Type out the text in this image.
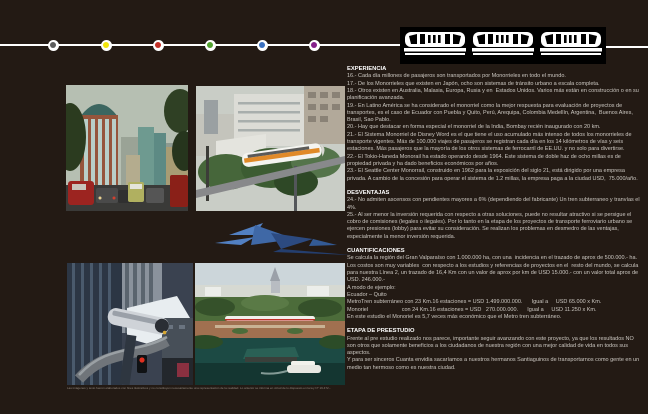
Las imágenes y texto fueron elaborados con fines ilustrativos y no constituyen necesariamente una representación de la realidad. Lo anterior se informa en virtud de lo dispuesto en la ley N° 19.472.-

EXPERIENCIA

16.- Cada día millones de pasajeros son transportados por Monorrieles en todo el mundo.

17.- De los Monorrieles que existen en Japón, ocho son sistemas de tránsito urbano a escala completa.

18.- Otros existen en Australia, Malasia, Europa, Rusia y en  Estados Unidos. Varios más están en construcción o en su planificación avanzada.

19.- En Latino América se ha considerado el monorriel como la mejor respuesta para evaluación de proyectos de transportes, es el caso de Ecuador con Puebla y Quito, Perú, Arequipa, Colombia Medellín, Argentina,  Buenos Aires, Brasil, Sao Pablo.

20.- Hay que destacar en forma especial el monorriel de la India, Bombay recién inaugurado con 20 km.

21.- El Sistema Monorriel de Disney Word es el que tiene el uso acumulado más intenso de todos los monorrieles de transporte vigentes. Más de 100.000 viajes de pasajeros se registran cada día en los 14 kilómetros de vías y seis estaciones. Más pasajeros que la mayoría de los otros sistemas de ferrocarril de EE.UU. y no solo para divertirse.

22.- El Tokio-Haneda Monorail ha estado operando desde 1964. Este sistema de doble haz de ocho millas es de propiedad privada y ha dado beneficios económicos por años.

23.- El Seattle Center Monorrail, construido en 1962 para la exposición del siglo 21, está dirigido por una empresa privada. A cambio de la concesión para operar el sistema de 1.2 millas, la empresa paga a la ciudad USD,  75.000/año.

DESVENTAJAS

24.- No admiten ascensos con pendientes mayores a 6% (dependiendo del fabricante) Un tren subterraneo y tranvías el 4%.

25.- Al ser menor la inversión requerida con respecto a otras soluciones, puede no resultar atractivo si se persigue el cobro de comisiones (legales o ilegales). Por lo tanto en la etapa de los proyectos de transporte ferroviario urbano se ejercen presiones (lobby) para evitar su consideración. Se realizan los problemas en desmedro de las ventajas, especialmente la menor inversión requerida.

CUANTIFICACIONES

Se calcula la región del Gran Valparaíso con 1.000.000 ha, con una  incidencia en el trazado de aprox de 500.000.- ha.

Los costos son muy variables  con respecto a los estudios y referencias de proyectos en el  resto del mundo, se calcula para nuestra Línea 2, un trazado de 16,4 Km con un valor de aprox por km de USD 15.000.- con un valor total aprox de USD. 246.000.-

A modo de ejemplo:

Ecuador – Quito

MetroTren subterráneo con 23 Km.16 estaciones = USD 1.499.000.000.      Igual a     USD 65.000 x Km.

Monoriel                      con 24 Km.16 estaciones = USD   270.000.000.      Igual a     USD 11.250 x Km.

En este estudio el Monoriel es 5,7 veces más económico que el Metro tren subterráneo.

ETAPA DE PREESTUDIO

Frente al pre estudio realizado nos parece, importante seguir avanzando con este proyecto, ya que los resultados NO son otros que solamente beneficios a los ciudadanos de nuestra región con una mejor calidad de vida en todos sus aspectos.

Y para ser sinceros Cuanta envidia sacaríamos a nuestros hermanos Santiaguinos de transportarnos como gente en un medio tan hermoso como es nuestra ciudad.
